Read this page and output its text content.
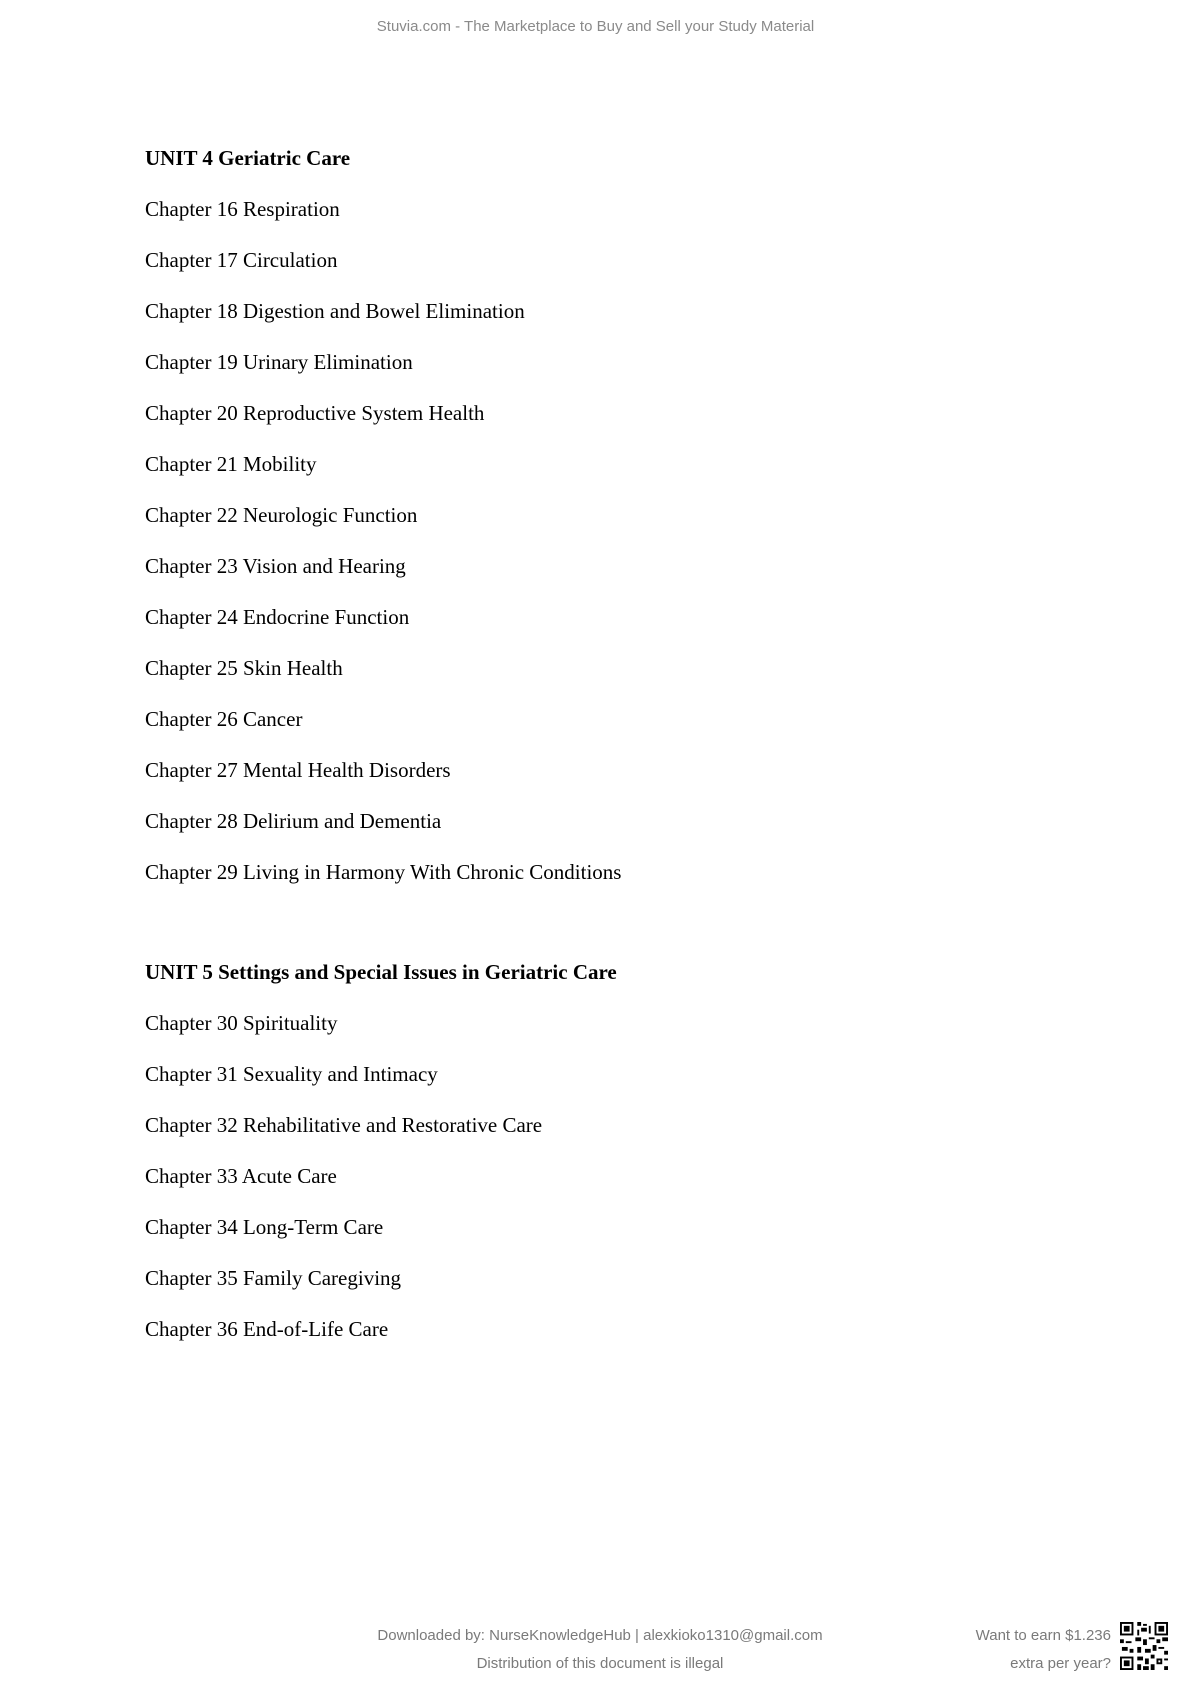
Stuvia.com - The Marketplace to Buy and Sell your Study Material
UNIT 4 Geriatric Care
Chapter 16 Respiration
Chapter 17 Circulation
Chapter 18 Digestion and Bowel Elimination
Chapter 19 Urinary Elimination
Chapter 20 Reproductive System Health
Chapter 21 Mobility
Chapter 22 Neurologic Function
Chapter 23 Vision and Hearing
Chapter 24 Endocrine Function
Chapter 25 Skin Health
Chapter 26 Cancer
Chapter 27 Mental Health Disorders
Chapter 28 Delirium and Dementia
Chapter 29 Living in Harmony With Chronic Conditions
UNIT 5 Settings and Special Issues in Geriatric Care
Chapter 30 Spirituality
Chapter 31 Sexuality and Intimacy
Chapter 32 Rehabilitative and Restorative Care
Chapter 33 Acute Care
Chapter 34 Long-Term Care
Chapter 35 Family Caregiving
Chapter 36 End-of-Life Care
Downloaded by: NurseKnowledgeHub | alexkioko1310@gmail.com
Distribution of this document is illegal
Want to earn $1.236
extra per year?
